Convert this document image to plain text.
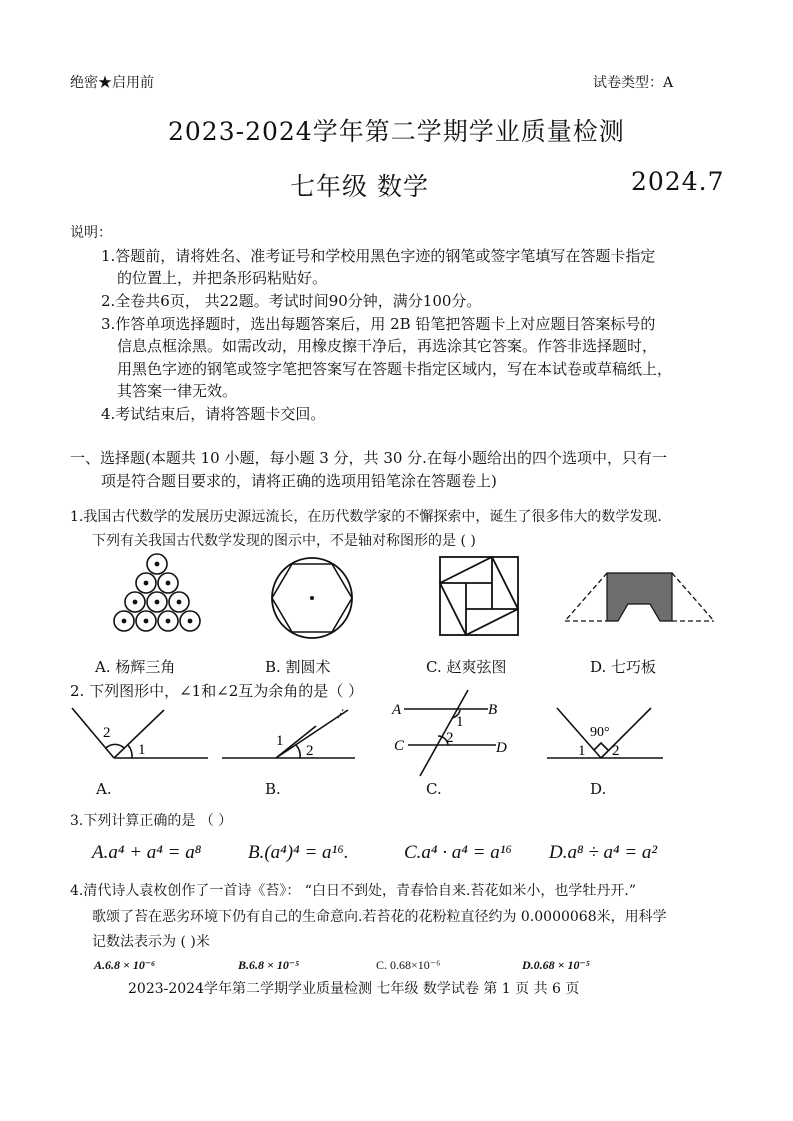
绝密★启用前	试卷类型：A
2023-2024学年第二学期学业质量检测
七年级 数学	2024.7
说明：
1.答题前，请将姓名、准考证号和学校用黑色字迹的钢笔或签字笔填写在答题卡指定
的位置上，并把条形码粘贴好。
2.全卷共6页， 共22题。考试时间90分钟，满分100分。
3.作答单项选择题时，选出每题答案后，用 2B 铅笔把答题卡上对应题目答案标号的
信息点框涂黑。如需改动，用橡皮擦干净后，再选涂其它答案。作答非选择题时，
用黑色字迹的钢笔或签字笔把答案写在答题卡指定区域内，写在本试卷或草稿纸上，
其答案一律无效。
4.考试结束后，请将答题卡交回。
一、选择题(本题共 10 小题，每小题 3 分，共 30 分.在每小题给出的四个选项中，只有一
项是符合题目要求的，请将正确的选项用铅笔涂在答题卷上)
1.我国古代数学的发展历史源远流长，在历代数学家的不懈探索中，诞生了很多伟大的数学发现.
下列有关我国古代数学发现的图示中，不是轴对称图形的是 ( )
A. 杨辉三角	B. 割圆术	C. 赵爽弦图	D. 七巧板
2. 下列图形中，∠1和∠2互为余角的是（ ）
2
1
1
2
A	B
C	D
1
2	90°
1 2
A.	B.	C.	D.
3.下列计算正确的是 （ ）
A.a⁴ + a⁴ = a⁸ B.(a⁴)⁴ = a¹⁶.	C.a⁴ · a⁴ = a¹⁶ D.a⁸ ÷ a⁴ = a²
4.清代诗人袁枚创作了一首诗《苔》： “白日不到处，青春恰自来.苔花如米小，也学牡丹开.”
歌颂了苔在恶劣环境下仍有自己的生命意向.若苔花的花粉粒直径约为 0.0000068米，用科学
记数法表示为 ( )米
A.6.8 × 10⁻⁶	B.6.8 × 10⁻⁵	C. 0.68×10⁻⁶	D.0.68 × 10⁻⁵
2023-2024学年第二学期学业质量检测 七年级 数学试卷 第 1 页 共 6 页
